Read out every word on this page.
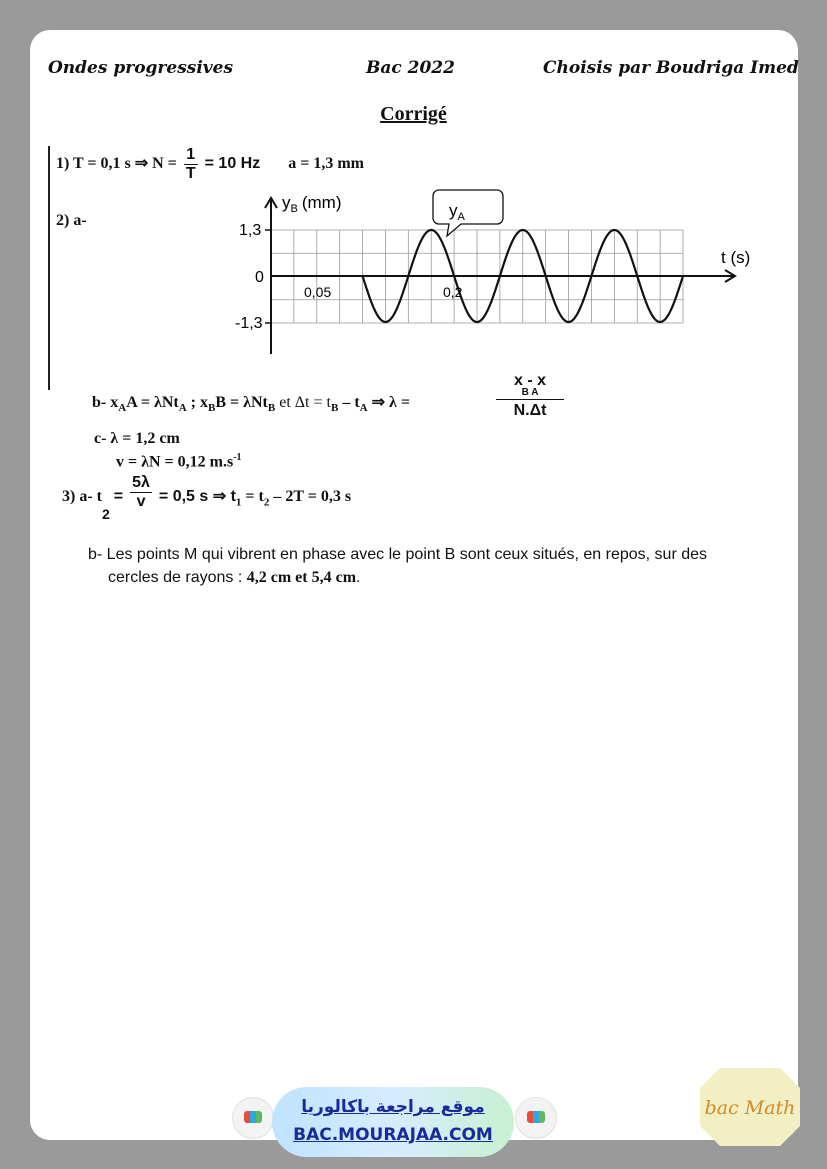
Ondes progressives	Bac 2022	Choisis par Boudriga Imed
Corrigé
1) T = 0,1 s ⇒ $N = \frac{1}{T} = 10$ Hz a = 1,3 mm
2) a-
$y_B$ (mm)
t (s)
1,3
0
-1,3
0,05	0,2
$y_A$
b- $x_AA = \lambda Nt_A$ ; $x_BB = \lambda Nt_B$ et $\Delta t = t_B - t_A$ ⇒ λ =
x - x
B A
N.Δt
c- λ = 1,2 cm
v = λN = 0,12 $m.s^{-1}$
3) a- $t_2 = \frac{5\lambda}{v} = 0,5$ s ⇒ $t_1 = t_2 - 2T = 0,3$ s
b- Les points M qui vibrent en phase avec le point B sont ceux situés, en repos, sur des
cercles de rayons : 4,2 cm et 5,4 cm.
موقع مراجعة باكالوريا
BAC.MOURAJAA.COM
bac Math
